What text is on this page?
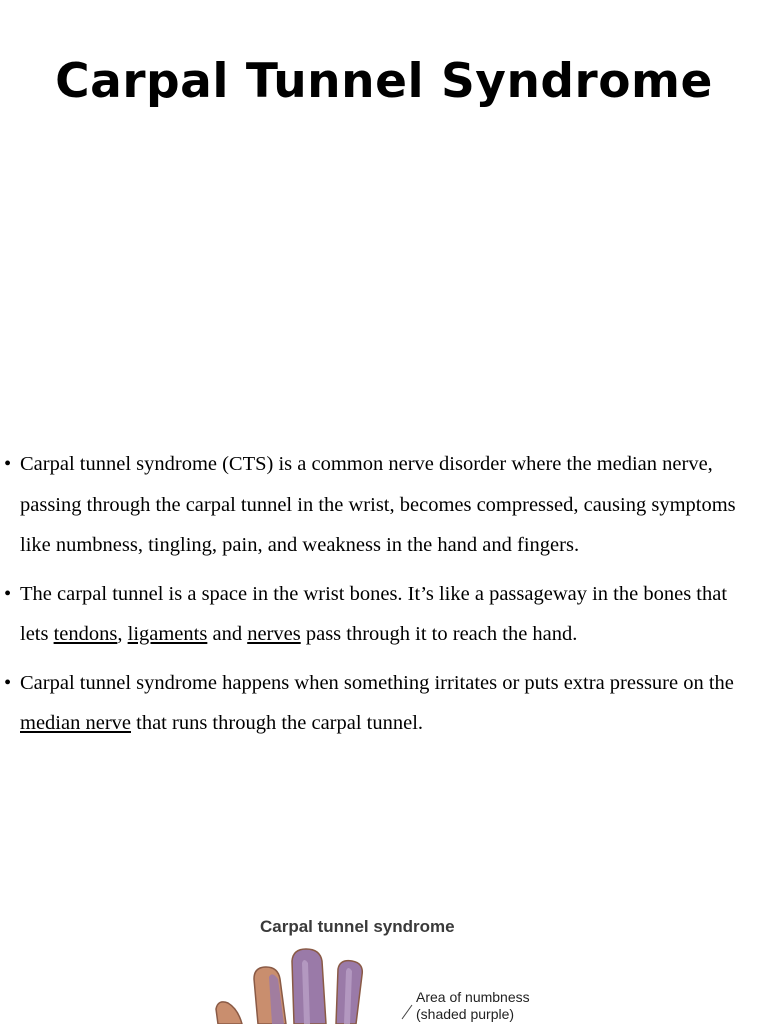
Carpal Tunnel Syndrome
• Carpal tunnel syndrome (CTS) is a common nerve disorder where the median nerve, passing through the carpal tunnel in the wrist, becomes compressed, causing symptoms like numbness, tingling, pain, and weakness in the hand and fingers.
• The carpal tunnel is a space in the wrist bones. It’s like a passageway in the bones that lets tendons, ligaments and nerves pass through it to reach the hand.
• Carpal tunnel syndrome happens when something irritates or puts extra pressure on the median nerve that runs through the carpal tunnel.
Carpal tunnel syndrome
Area of numbness
(shaded purple)
